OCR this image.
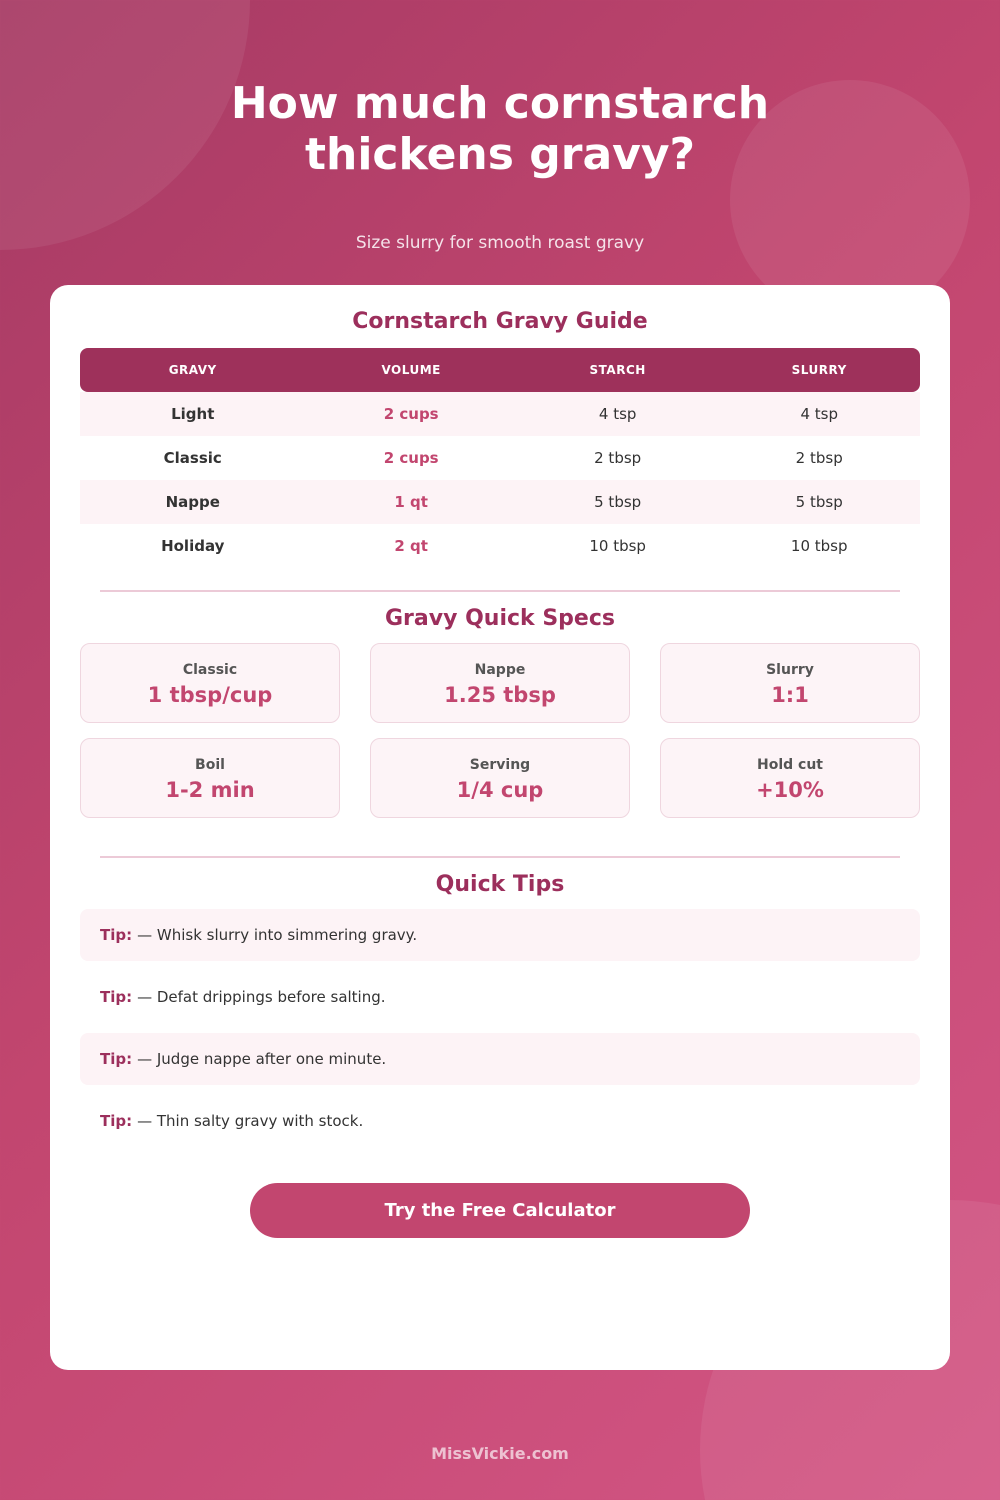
How much cornstarch thickens gravy?

Size slurry for smooth roast gravy

Cornstarch Gravy Guide
GRAVY	VOLUME	STARCH	SLURRY
Light	2 cups	4 tsp	4 tsp
Classic	2 cups	2 tbsp	2 tbsp
Nappe	1 qt	5 tbsp	5 tbsp
Holiday	2 qt	10 tbsp	10 tbsp
Gravy Quick Specs
Classic
1 tbsp/cup
Nappe
1.25 tbsp
Slurry
1:1
Boil
1-2 min
Serving
1/4 cup
Hold cut
+10%
Quick Tips
Tip: — Whisk slurry into simmering gravy.
Tip: — Defat drippings before salting.
Tip: — Judge nappe after one minute.
Tip: — Thin salty gravy with stock.
Try the Free Calculator
MissVickie.com
